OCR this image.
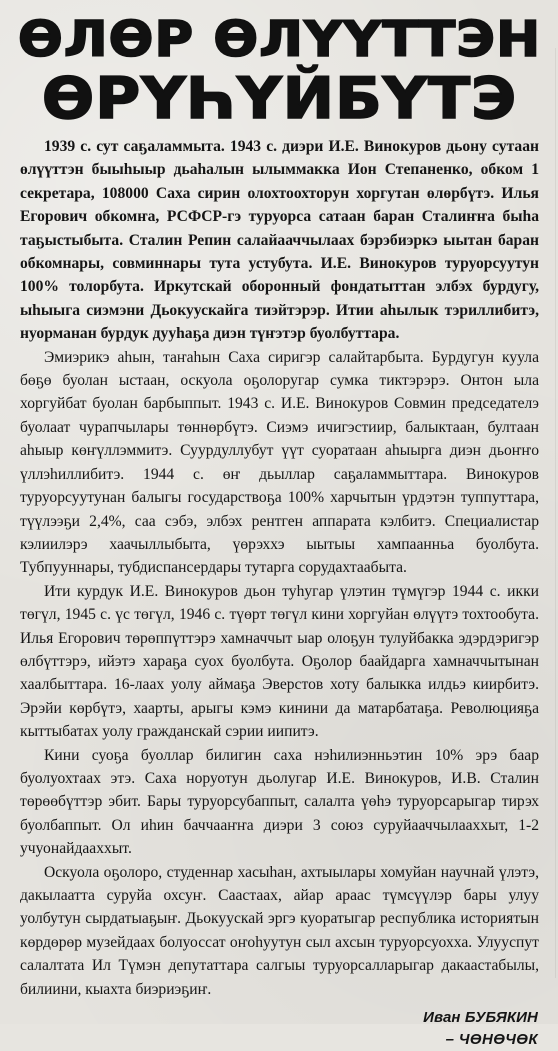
ӨЛӨР ӨЛҮҮТТЭН
ӨРҮҺҮЙБҮТЭ

1939 с. сут саҕаламмыта. 1943 с. диэри И.Е. Винокуров дьону сутаан өлүүттэн быыһыыр дьаһалын ылыммакка Ион Степаненко, обком 1 секретара, 108000 Саха сирин олохтоохторун хоргутан өлөрбүтэ. Илья Егорович обкомҥа, РСФСР-гэ туруорса сатаан баран Сталиҥҥа быһа таҕыстыбыта. Сталин Репин салайааччылаах бэрэбиэркэ ыытан баран обкомнары, совминнары тута устубута. И.Е. Винокуров туруорсуутун 100% толорбута. Иркутскай оборонный фондатыттан элбэх бурдугу, ыһыыга сиэмэни Дьокуускайга тиэйтэрэр. Итии аһылык тэриллибитэ, нуорманан бурдук дууһаҕа диэн түҥэтэр буолбуттара.

Эмиэрикэ аһын, таҥаһын Саха сиригэр салайтарбыта. Бурдугун куула бөҕө буолан ыстаан, оскуола оҕолоругар сумка тиктэрэрэ. Онтон ыла хоргуйбат буолан барбыппыт. 1943 с. И.Е. Винокуров Совмин председателэ буолаат чурапчылары төннөрбүтэ. Сиэмэ ичигэстиир, балыктаан, бултаан аһыыр көҥүллэммитэ. Суурдуллубут үүт суоратаан аһыырга диэн дьоҥҥо үллэһиллибитэ. 1944 с. өҥ дьыллар саҕаламмыттара. Винокуров туруорсуутунан балыгы государствоҕа 100% харчытын үрдэтэн туппуттара, түүлээҕи 2,4%, саа сэбэ, элбэх рентген аппарата кэлбитэ. Специалистар кэлиилэрэ хаачыллыбыта, үөрэххэ ыытыы хампаанньа буолбута. Тубпууннары, тубдиспансердары тутарга сорудахтаабыта.

Ити курдук И.Е. Винокуров дьон туһугар үлэтин түмүгэр 1944 с. икки төгүл, 1945 с. үс төгүл, 1946 с. түөрт төгүл кини хоргуйан өлүүтэ тохтообута. Илья Егорович төрөппүттэрэ хамначчыт ыар олоҕун тулуйбакка эдэрдэригэр өлбүттэрэ, ийэтэ хараҕа суох буолбута. Оҕолор баайдарга хамначчытынан хаалбыттара. 16-лаах уолу аймаҕа Эверстов хоту балыкка илдьэ киирбитэ. Эрэйи көрбүтэ, хаарты, арыгы кэмэ кинини да матарбатаҕа. Революцияҕа кыттыбатах уолу гражданскай сэрии иипитэ.

Кини суоҕа буоллар билигин саха нэһилиэнньэтин 10% эрэ баар буолуохтаах этэ. Саха норуотун дьолугар И.Е. Винокуров, И.В. Сталин төрөөбүттэр эбит. Бары туруорсубаппыт, салалта үөһэ туруорсарыгар тирэх буолбаппыт. Ол иһин баччааҥҥа диэри 3 союз суруйааччылааххыт, 1-2 учуонайдааххыт.

Оскуола оҕолоро, студеннар хасыһан, ахтыылары хомуйан научнай үлэтэ, дакылаатта суруйа охсуҥ. Саастаах, айар араас түмсүүлэр бары улуу уолбутун сырдатыаҕыҥ. Дьокуускай эргэ куоратыгар республика историятын көрдөрөр музейдаах болуоссат оҥоһуутун сыл ахсын туруорсуохха. Улууспут салалтата Ил Түмэн депутаттара салгыы туруорсалларыгар дакаастабылы, билиини, кыахта биэриэҕиҥ.

Иван БУБЯКИН
– ЧӨНӨЧӨК
